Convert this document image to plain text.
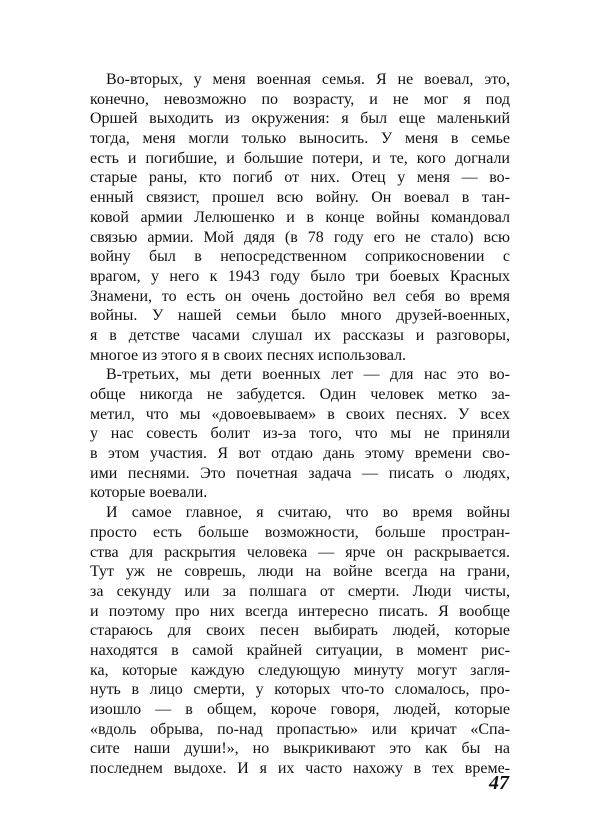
Во-вторых, у меня военная семья. Я не воевал, это,
конечно, невозможно по возрасту, и не мог я под
Оршей выходить из окружения: я был еще маленький
тогда, меня могли только выносить. У меня в семье
есть и погибшие, и большие потери, и те, кого догнали
старые раны, кто погиб от них. Отец у меня — во-
енный связист, прошел всю войну. Он воевал в тан-
ковой армии Лелюшенко и в конце войны командовал
связью армии. Мой дядя (в 78 году его не стало) всю
войну был в непосредственном соприкосновении с
врагом, у него к 1943 году было три боевых Красных
Знамени, то есть он очень достойно вел себя во время
войны. У нашей семьи было много друзей-военных,
я в детстве часами слушал их рассказы и разговоры,
многое из этого я в своих песнях использовал.
В-третьих, мы дети военных лет — для нас это во-
обще никогда не забудется. Один человек метко за-
метил, что мы «довоевываем» в своих песнях. У всех
у нас совесть болит из-за того, что мы не приняли
в этом участия. Я вот отдаю дань этому времени сво-
ими песнями. Это почетная задача — писать о людях,
которые воевали.
И самое главное, я считаю, что во время войны
просто есть больше возможности, больше простран-
ства для раскрытия человека — ярче он раскрывается.
Тут уж не соврешь, люди на войне всегда на грани,
за секунду или за полшага от смерти. Люди чисты,
и поэтому про них всегда интересно писать. Я вообще
стараюсь для своих песен выбирать людей, которые
находятся в самой крайней ситуации, в момент рис-
ка, которые каждую следующую минуту могут загля-
нуть в лицо смерти, у которых что-то сломалось, про-
изошло — в общем, короче говоря, людей, которые
«вдоль обрыва, по-над пропастью» или кричат «Спа-
сите наши души!», но выкрикивают это как бы на
последнем выдохе. И я их часто нахожу в тех време-
47
